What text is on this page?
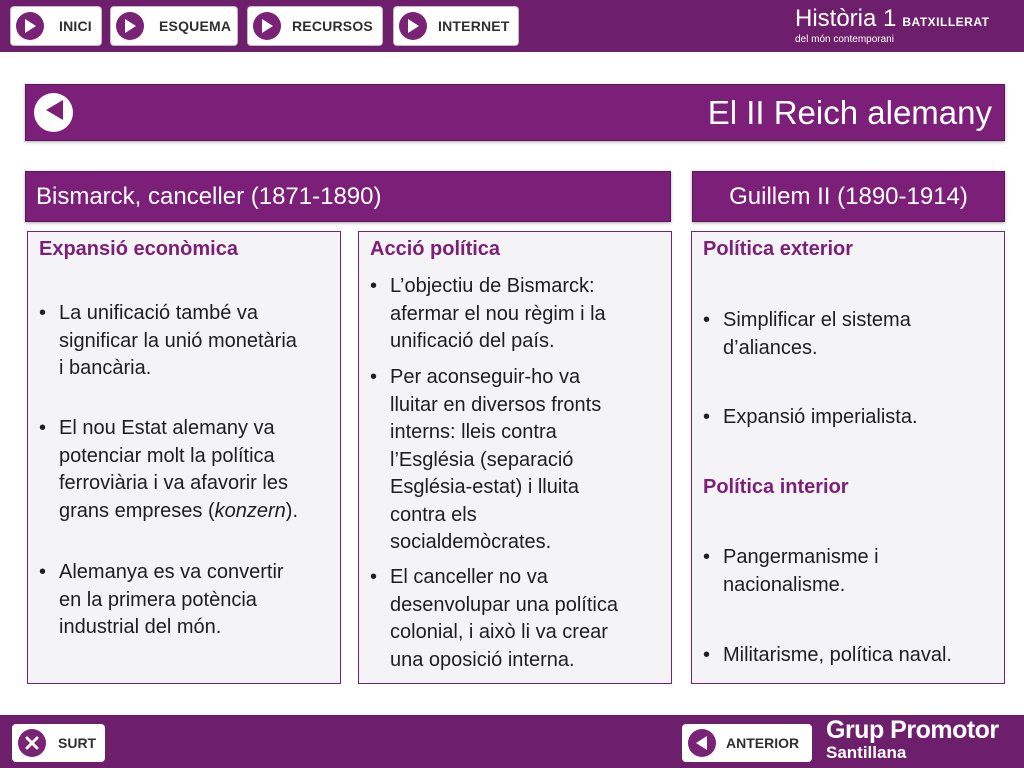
INICI	ESQUEMA	RECURSOS	INTERNET	Història 1 BATXILLERAT
del món contemporani
El II Reich alemany
Bismarck, canceller (1871-1890)	Guillem II (1890-1914)
Expansió econòmica
• La unificació també va
significar la unió monetària
i bancària.
• El nou Estat alemany va
potenciar molt la política
ferroviària i va afavorir les
grans empreses (konzern).
• Alemanya es va convertir
en la primera potència
industrial del món.
Acció política
• L’objectiu de Bismarck:
afermar el nou règim i la
unificació del país.
• Per aconseguir-ho va
lluitar en diversos fronts
interns: lleis contra
l’Església (separació
Església-estat) i lluita
contra els
socialdemòcrates.
• El canceller no va
desenvolupar una política
colonial, i això li va crear
una oposició interna.
Política exterior
• Simplificar el sistema
d’aliances.
• Expansió imperialista.
Política interior
• Pangermanisme i
nacionalisme.
• Militarisme, política naval.
SURT	ANTERIOR Grup Promotor
Santillana
